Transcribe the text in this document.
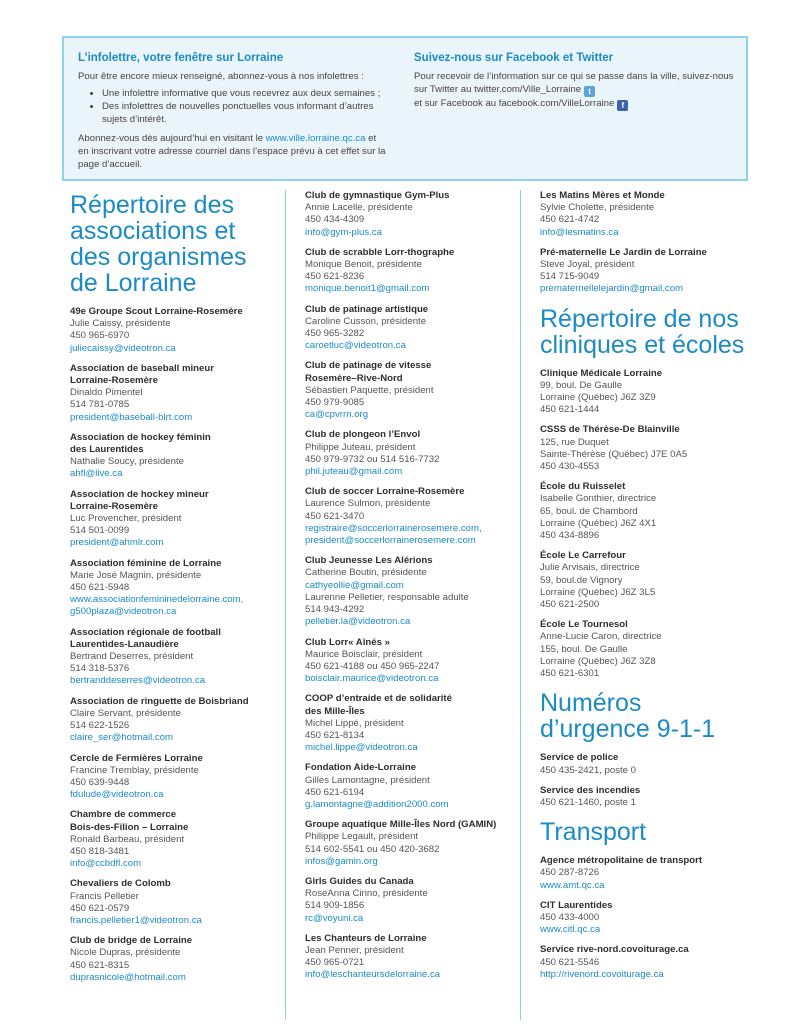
L’infolettre, votre fenêtre sur Lorraine

Pour être encore mieux renseigné, abonnez-vous à nos infolettres :

• Une infolettre informative que vous recevrez aux deux semaines ;
• Des infolettres de nouvelles ponctuelles vous informant d’autres sujets d’intérêt.

Abonnez-vous dès aujourd’hui en visitant le www.ville.lorraine.qc.ca et en inscrivant votre adresse courriel dans l’espace prévu à cet effet sur la page d’accueil.

Suivez-nous sur Facebook et Twitter
Pour recevoir de l’information sur ce qui se passe dans la ville, suivez-nous sur Twitter au twitter.com/Ville_Lorraine t
et sur Facebook au facebook.com/VilleLorraine f
Répertoire des associations et des organismes de Lorraine
49e Groupe Scout Lorraine-Rosemère
Julie Caissy, présidente
450 965-6970
juliecaissy@videotron.ca
Association de baseball mineur
Lorraine-Rosemère
Dinaldo Pimentel
514 781-0785
president@baseball-blrt.com
Association de hockey féminin
des Laurentides
Nathalie Soucy, présidente
ahfl@live.ca
Association de hockey mineur
Lorraine-Rosemère
Luc Provencher, président
514 501-0099
president@ahmlr.com
Association féminine de Lorraine
Marie José Magnin, présidente
450 621-5948
www.associationfemininedelorraine.com,
g500plaza@videotron.ca
Association régionale de football
Laurentides-Lanaudière
Bertrand Deserres, président
514 318-5376
bertranddeserres@videotron.ca
Association de ringuette de Boisbriand
Claire Servant, présidente
514 622-1526
claire_ser@hotmail.com
Cercle de Fermières Lorraine
Francine Tremblay, présidente
450 639-9448
fdulude@videotron.ca
Chambre de commerce
Bois-des-Filion – Lorraine
Ronald Barbeau, président
450 818-3481
info@ccbdfl.com
Chevaliers de Colomb
Francis Pelletier
450 621-0579
francis.pelletier1@videotron.ca
Club de bridge de Lorraine
Nicole Dupras, présidente
450 621-8315
duprasnicole@hotmail.com
Club de gymnastique Gym-Plus
Annie Lacelle, présidente
450 434-4309
info@gym-plus.ca
Club de scrabble Lorr-thographe
Monique Benoit, présidente
450 621-8236
monique.benoit1@gmail.com
Club de patinage artistique
Caroline Cusson, présidente
450 965-3282
caroetluc@videotron.ca
Club de patinage de vitesse
Rosemère–Rive-Nord
Sébastien Paquette, président
450 979-9085
ca@cpvrrn.org
Club de plongeon l’Envol
Philippe Juteau, président
450 979-9732 ou 514 516-7732
phil.juteau@gmail.com
Club de soccer Lorraine-Rosemère
Laurence Sulmon, présidente
450 621-3470
registraire@soccerlorrainerosemere.com,
president@soccerlorrainerosemere.com
Club Jeunesse Les Alérions
Catherine Boutin, présidente
cathyeollie@gmail.com
Laurenne Pelletier, responsable adulte
514 943-4292
pelletier.la@videotron.ca
Club Lorr« Aînés »
Maurice Boisclair, président
450 621-4188 ou 450 965-2247
boisclair.maurice@videotron.ca
COOP d’entraide et de solidarité
des Mille-Îles
Michel Lippé, président
450 621-8134
michel.lippe@videotron.ca
Fondation Aide-Lorraine
Gilles Lamontagne, président
450 621-6194
g.lamontagne@addition2000.com
Groupe aquatique Mille-Îles Nord (GAMIN)
Philippe Legault, président
514 602-5541 ou 450 420-3682
infos@gamin.org
Girls Guides du Canada
RoseAnna Cirino, présidente
514 909-1856
rc@voyuni.ca
Les Chanteurs de Lorraine
Jean Penner, président
450 965-0721
info@leschanteursdelorraine.ca
Les Matins Mères et Monde
Sylvie Cholette, présidente
450 621-4742
info@lesmatins.ca
Pré-maternelle Le Jardin de Lorraine
Steve Joyal, président
514 715-9049
prematernellelejardin@gmail.com
Répertoire de nos cliniques et écoles
Clinique Médicale Lorraine
99, boul. De Gaulle
Lorraine (Québec) J6Z 3Z9
450 621-1444
CSSS de Thérèse-De Blainville
125, rue Duquet
Sainte-Thérèse (Québec) J7E 0A5
450 430-4553
École du Ruisselet
Isabelle Gonthier, directrice
65, boul. de Chambord
Lorraine (Québec) J6Z 4X1
450 434-8896
École Le Carrefour
Julie Arvisais, directrice
59, boul.de Vignory
Lorraine (Québec) J6Z 3L5
450 621-2500
École Le Tournesol
Anne-Lucie Caron, directrice
155, boul. De Gaulle
Lorraine (Québec) J6Z 3Z8
450 621-6301
Numéros d’urgence 9-1-1
Service de police
450 435-2421, poste 0
Service des incendies
450 621-1460, poste 1
Transport
Agence métropolitaine de transport
450 287-8726
www.amt.qc.ca
CIT Laurentides
450 433-4000
www.citl.qc.ca
Service rive-nord.covoiturage.ca
450 621-5546
http://rivenord.covoiturage.ca
